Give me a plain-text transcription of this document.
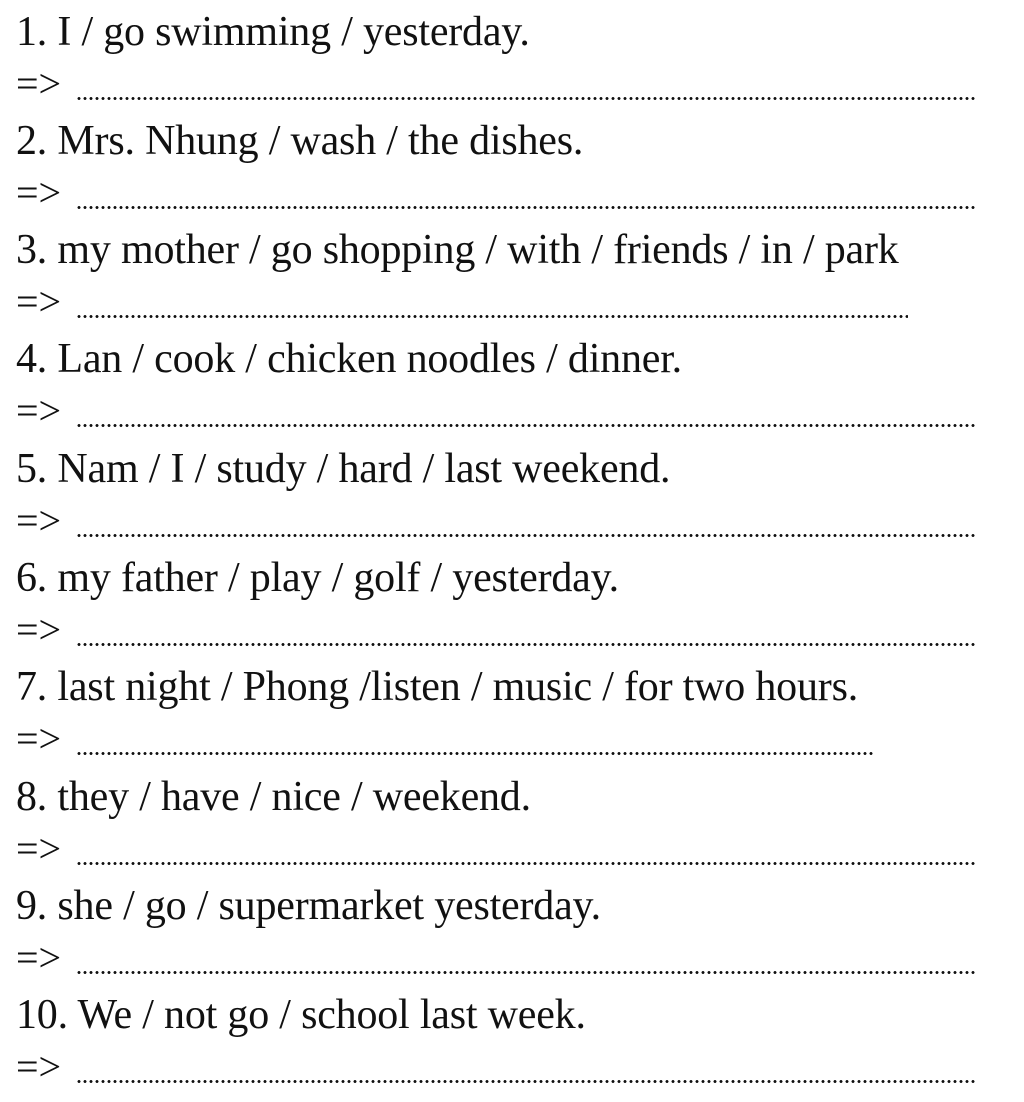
1. I / go swimming / yesterday.
=>
2. Mrs. Nhung / wash / the dishes.
=>
3. my mother / go shopping / with / friends / in / park
=>
4. Lan / cook / chicken noodles / dinner.
=>
5. Nam / I / study / hard / last weekend.
=>
6. my father / play / golf / yesterday.
=>
7. last night / Phong /listen / music / for two hours.
=>
8. they / have / nice / weekend.
=>
9. she / go / supermarket yesterday.
=>
10. We / not go / school last week.
=>
